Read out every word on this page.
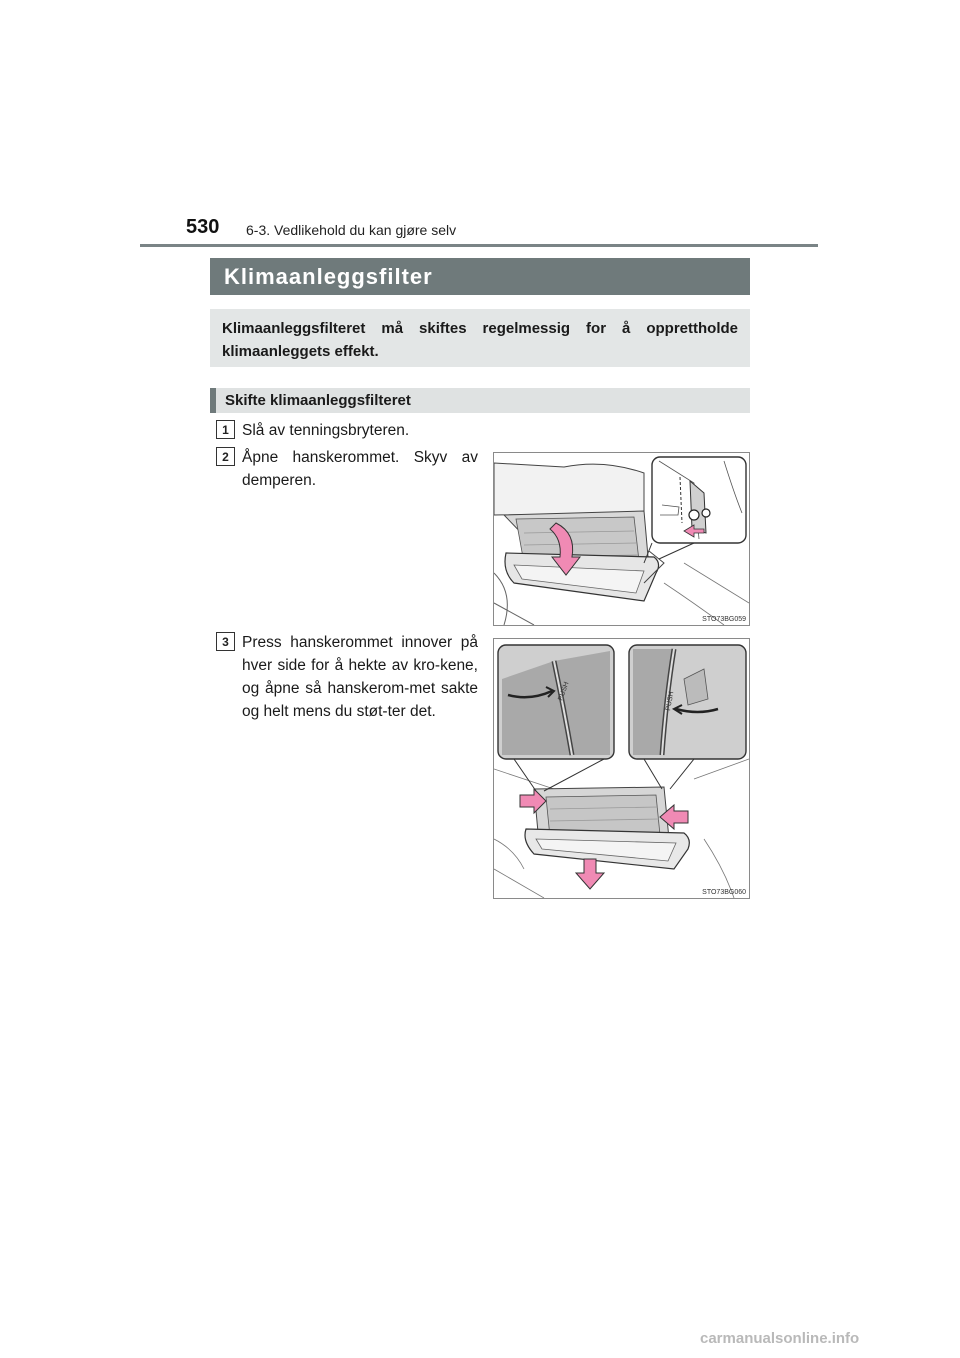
530 6-3. Vedlikehold du kan gjøre selv
Klimaanleggsfilter
Klimaanleggsfilteret må skiftes regelmessig for å opprettholde klimaanleggets effekt.
Skifte klimaanleggsfilteret
1 Slå av tenningsbryteren.
2 Åpne hanskerommet. Skyv av demperen.
STO73BG059
3 Press hanskerommet innover på hver side for å hekte av kro-kene, og åpne så hanskerom-met sakte og helt mens du støt-ter det.
PUSH	PUSH
STO73BG060
carmanualsonline.info
